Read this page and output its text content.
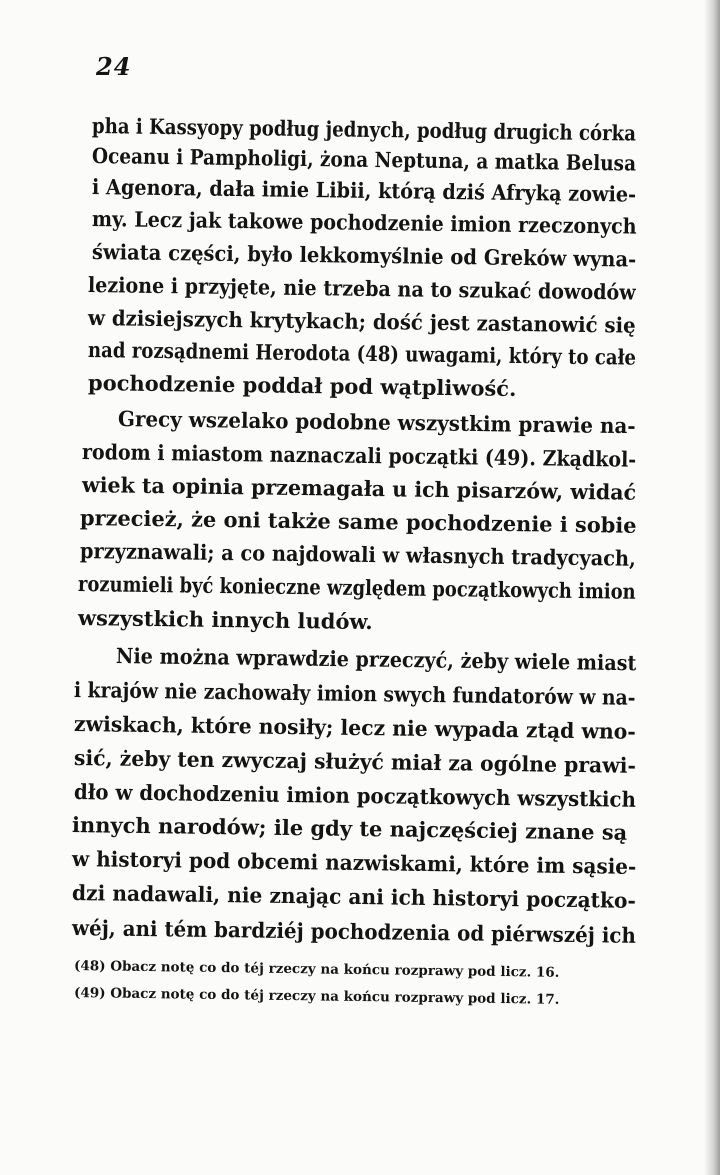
24
pha i Kassyopy podług jednych, podług drugich córka
Oceanu i Pampholigi, żona Neptuna, a matka Belusa
i Agenora, dała imie Libii, którą dziś Afryką zowie-
my. Lecz jak takowe pochodzenie imion rzeczonych
świata części, było lekkomyślnie od Greków wyna-
lezione i przyjęte, nie trzeba na to szukać dowodów
w dzisiejszych krytykach; dość jest zastanowić się
nad rozsądnemi Herodota (48) uwagami, który to całe
pochodzenie poddał pod wątpliwość.
Grecy wszelako podobne wszystkim prawie na-
rodom i miastom naznaczali początki (49). Zkądkol-
wiek ta opinia przemagała u ich pisarzów, widać
przecież, że oni także same pochodzenie i sobie
przyznawali; a co najdowali w własnych tradycyach,
rozumieli być konieczne względem początkowych imion
wszystkich innych ludów.
Nie można wprawdzie przeczyć, żeby wiele miast
i krajów nie zachowały imion swych fundatorów w na-
zwiskach, które nosiły; lecz nie wypada ztąd wno-
sić, żeby ten zwyczaj służyć miał za ogólne prawi-
dło w dochodzeniu imion początkowych wszystkich
innych narodów; ile gdy te najczęściej znane są
w historyi pod obcemi nazwiskami, które im sąsie-
dzi nadawali, nie znając ani ich historyi początko-
wéj, ani tém bardziéj pochodzenia od piérwszéj ich
(48) Obacz notę co do téj rzeczy na końcu rozprawy pod licz. 16.
(49) Obacz notę co do téj rzeczy na końcu rozprawy pod licz. 17.
